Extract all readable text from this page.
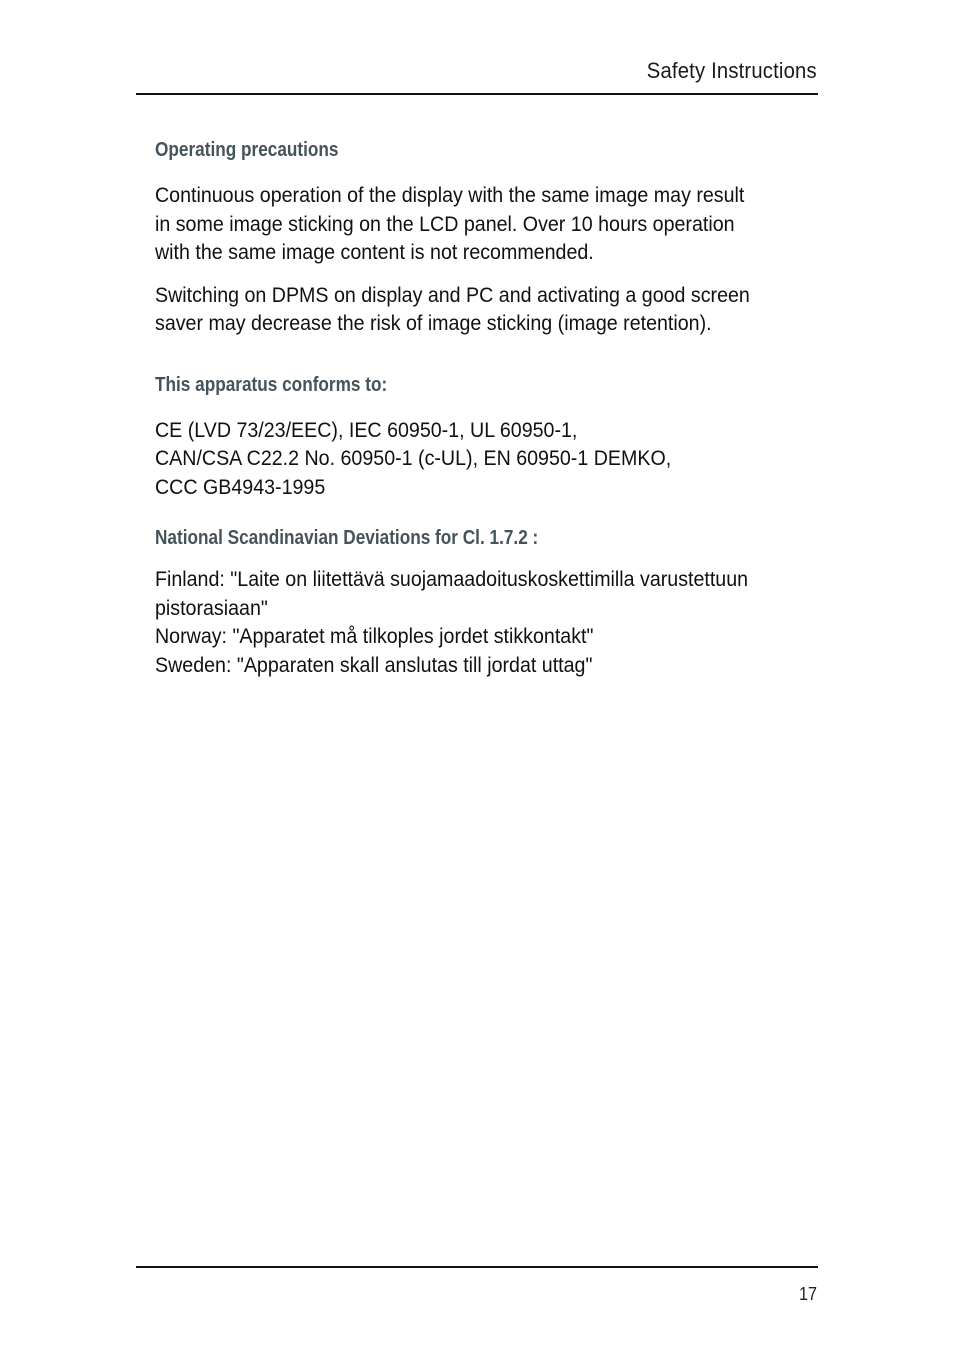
Safety Instructions
Operating precautions

Continuous operation of the display with the same image may result
in some image sticking on the LCD panel. Over 10 hours operation
with the same image content is not recommended.

Switching on DPMS on display and PC and activating a good screen
saver may decrease the risk of image sticking (image retention).

This apparatus conforms to:

CE (LVD 73/23/EEC), IEC 60950-1, UL 60950-1,
CAN/CSA C22.2 No. 60950-1 (c-UL), EN 60950-1 DEMKO,
CCC GB4943-1995

National Scandinavian Deviations for Cl. 1.7.2 :

Finland: "Laite on liitettävä suojamaadoituskoskettimilla varustettuun
pistorasiaan"
Norway: "Apparatet må tilkoples jordet stikkontakt"
Sweden: "Apparaten skall anslutas till jordat uttag"

17
